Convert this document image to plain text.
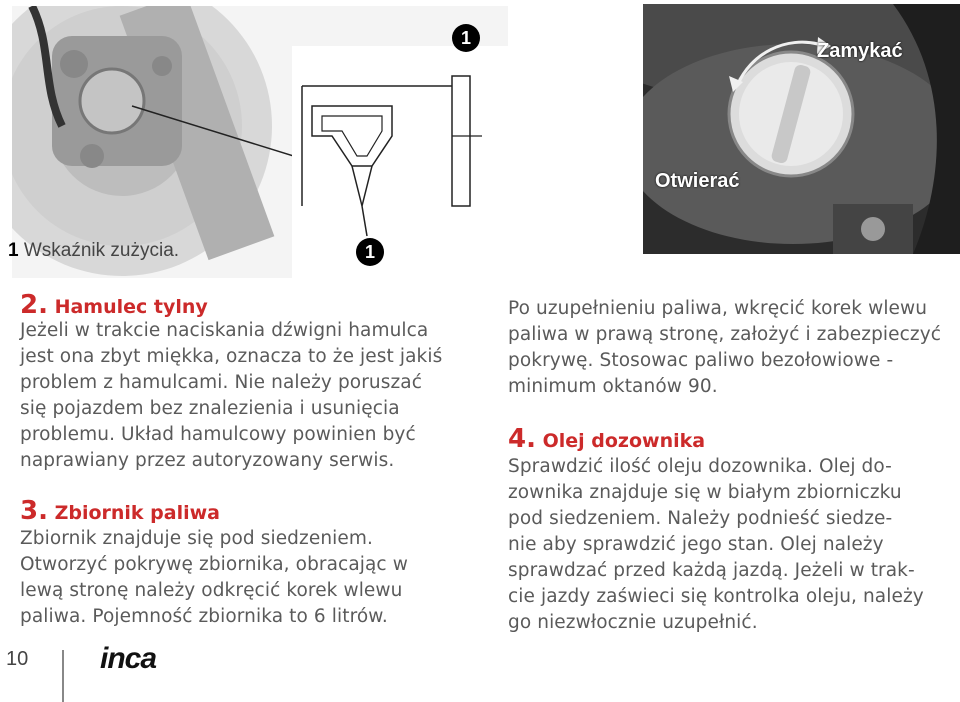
1
1
1 Wskaźnik zużycia.
Zamykać
Otwierać
2. Hamulec tylny
Jeżeli w trakcie naciskania dźwigni hamulca
jest ona zbyt miękka, oznacza to że jest jakiś
problem z hamulcami. Nie należy poruszać
się pojazdem bez znalezienia i usunięcia
problemu. Układ hamulcowy powinien być
naprawiany przez autoryzowany serwis.
3. Zbiornik paliwa
Zbiornik znajduje się pod siedzeniem.
Otworzyć pokrywę zbiornika, obracając w
lewą stronę należy odkręcić korek wlewu
paliwa. Pojemność zbiornika to 6 litrów.
Po uzupełnieniu paliwa, wkręcić korek wlewu
paliwa w prawą stronę, założyć i zabezpieczyć
pokrywę. Stosowac paliwo bezołowiowe -
minimum oktanów 90.
4. Olej dozownika
Sprawdzić ilość oleju dozownika. Olej do-
zownika znajduje się w białym zbiorniczku
pod siedzeniem. Należy podnieść siedze-
nie aby sprawdzić jego stan. Olej należy
sprawdzać przed każdą jazdą. Jeżeli w trak-
cie jazdy zaświeci się kontrolka oleju, należy
go niezwłocznie uzupełnić.
10 inca
